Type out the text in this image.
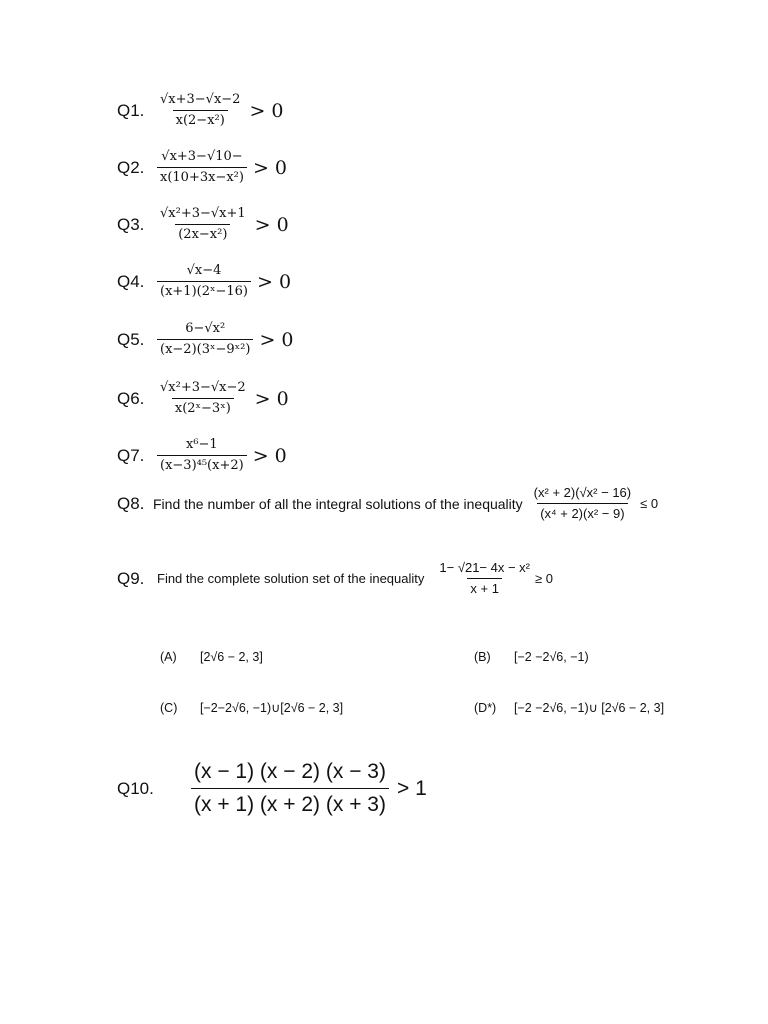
Q1. $\frac{√x+3-√x-2}{\text{x(2−x²)}} > 0$
Q2. $\frac{√x+3-√10-}{\text{x(10+3x−x²)}} > 0$
Q3. $\frac{\text{√x²+3−√x+1}}{\text{(2x−x²)}} > 0$
Q4. $\frac{√x-4}{\text{(x+1)(2ˣ−16)}} > 0$
Q5. $\frac{\text{6−√x²}}{\text{(x−2)(3ˣ−9ˣ²)}} > 0$
Q6. $\frac{\text{√x²+3−√x−2}}{\text{x(2ˣ−3ˣ)}} > 0$
Q7. $\frac{\text{x⁶−1}}{\text{(x−3)⁴⁵(x+2)}} > 0$
Q8. Find the number of all the integral solutions of the inequality $\frac{\text{(x² + 2)(√x² − 16)}}{\text{(x⁴ + 2)(x² − 9)}} \le 0$
Q9. Find the complete solution set of the inequality $\frac{\text{1− √21− 4x − x²}}{x + 1} \ge 0$
(A)	[2√6 − 2, 3]	(B)	[−2 −2√6, −1)
(C)	[−2−2√6, −1)∪[2√6 − 2, 3]	(D*)	[−2 −2√6, −1)∪ [2√6 − 2, 3]
Q10. $\frac{(x - 1) (x - 2) (x - 3)}{(x + 1) (x + 2) (x + 3)} > 1$
